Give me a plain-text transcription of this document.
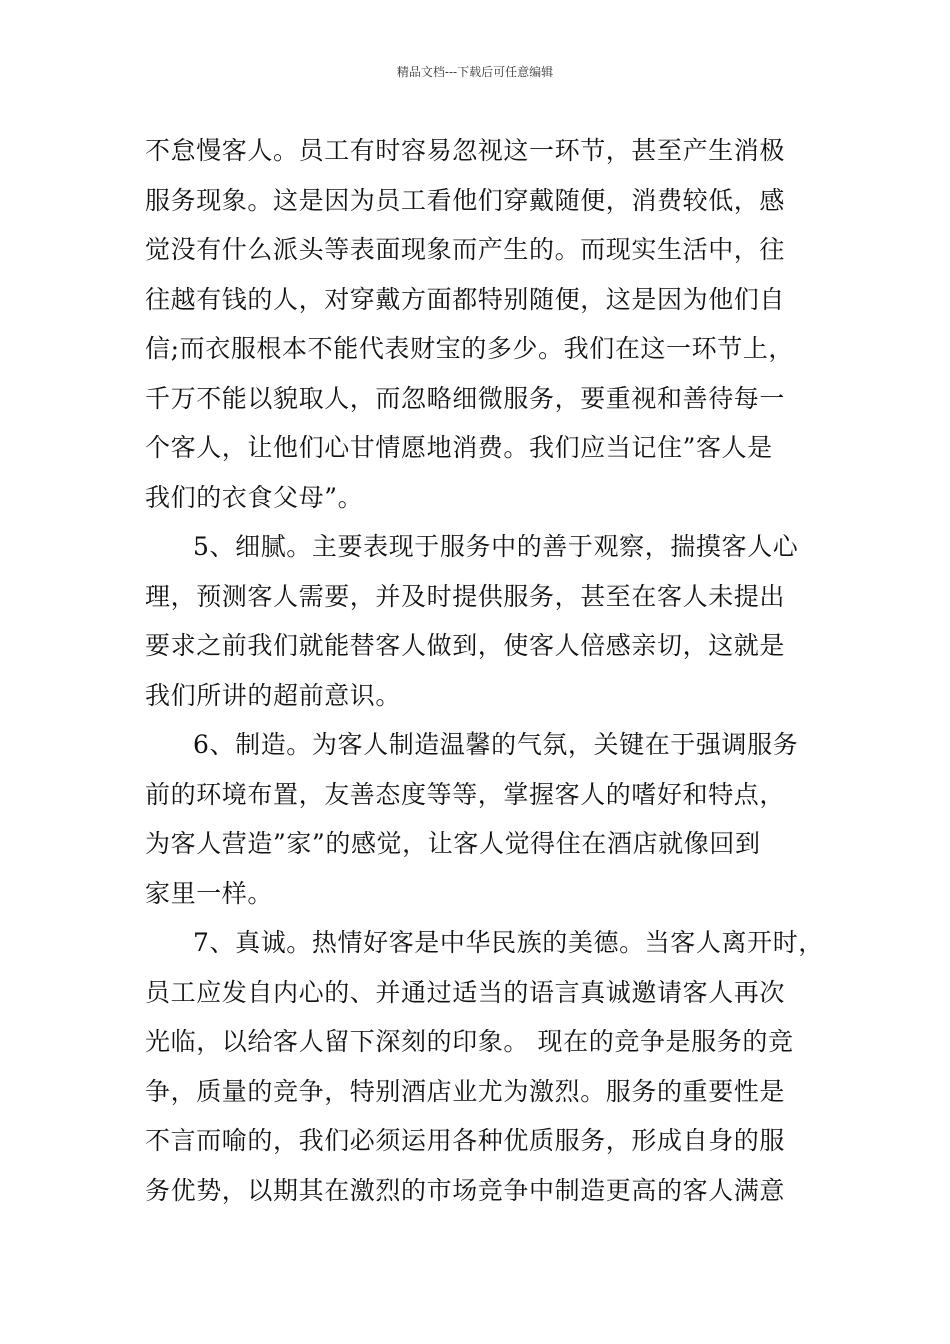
精品文档---下载后可任意编辑
不怠慢客人。员工有时容易忽视这一环节，甚至产生消极
服务现象。这是因为员工看他们穿戴随便，消费较低，感
觉没有什么派头等表面现象而产生的。而现实生活中，往
往越有钱的人，对穿戴方面都特别随便，这是因为他们自
信;而衣服根本不能代表财宝的多少。我们在这一环节上，
千万不能以貌取人，而忽略细微服务，要重视和善待每一
个客人，让他们心甘情愿地消费。我们应当记住”客人是
我们的衣食父母”。
5、细腻。主要表现于服务中的善于观察，揣摸客人心
理，预测客人需要，并及时提供服务，甚至在客人未提出
要求之前我们就能替客人做到，使客人倍感亲切，这就是
我们所讲的超前意识。
6、制造。为客人制造温馨的气氛，关键在于强调服务
前的环境布置，友善态度等等，掌握客人的嗜好和特点，
为客人营造”家”的感觉，让客人觉得住在酒店就像回到
家里一样。
7、真诚。热情好客是中华民族的美德。当客人离开时，
员工应发自内心的、并通过适当的语言真诚邀请客人再次
光临，以给客人留下深刻的印象。 现在的竞争是服务的竞
争，质量的竞争，特别酒店业尤为激烈。服务的重要性是
不言而喻的，我们必须运用各种优质服务，形成自身的服
务优势，以期其在激烈的市场竞争中制造更高的客人满意
